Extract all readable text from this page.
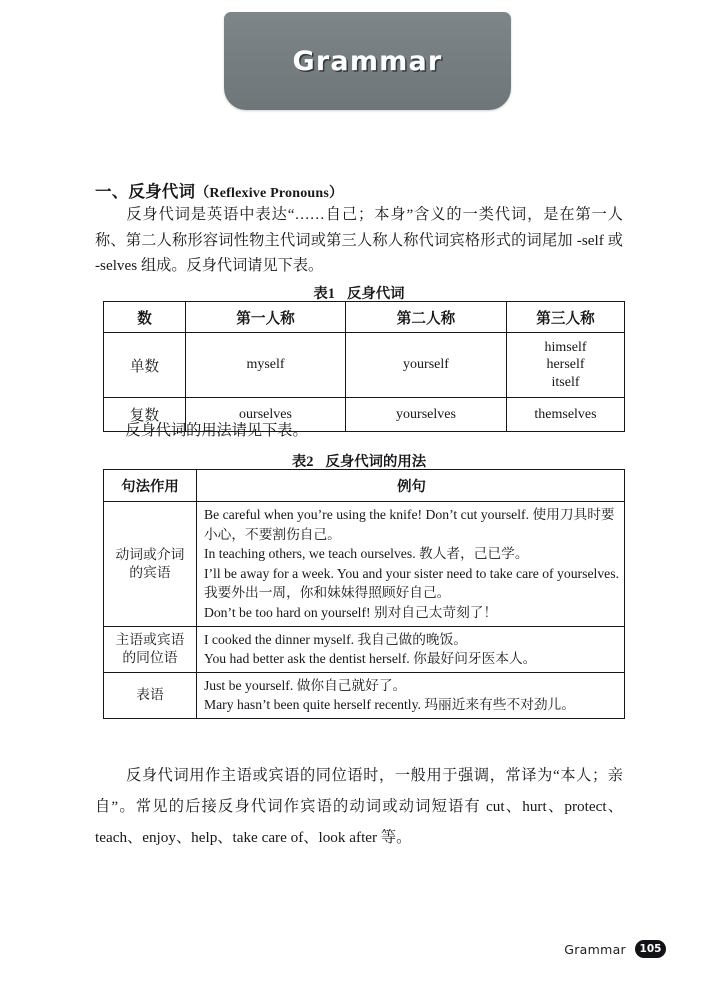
Grammar
一、反身代词（Reflexive Pronouns）
反身代词是英语中表达“……自己；本身”含义的一类代词，是在第一人称、第二人称形容词性物主代词或第三人称人称代词宾格形式的词尾加 -self 或 -selves 组成。反身代词请见下表。
表1 反身代词
数	第一人称	第二人称	第三人称
单数	myself	yourself	himself
herself
itself

复数	ourselves	yourselves	themselves
反身代词的用法请见下表。
表2 反身代词的用法
句法作用	例句

动词或介词
的宾语

Be careful when you’re using the knife! Don’t cut yourself. 使用刀具时要
小心，不要割伤自己。
In teaching others, we teach ourselves. 教人者，己已学。
I’ll be away for a week. You and your sister need to take care of yourselves.
我要外出一周，你和妹妹得照顾好自己。
Don’t be too hard on yourself! 别对自己太苛刻了！

主语或宾语
的同位语

I cooked the dinner myself. 我自己做的晚饭。
You had better ask the dentist herself. 你最好问牙医本人。

表语	Just be yourself. 做你自己就好了。
Mary hasn’t been quite herself recently. 玛丽近来有些不对劲儿。
反身代词用作主语或宾语的同位语时，一般用于强调，常译为“本人；亲自”。常见的后接反身代词作宾语的动词或动词短语有 cut、hurt、protect、teach、enjoy、help、take care of、look after 等。
Grammar	105
